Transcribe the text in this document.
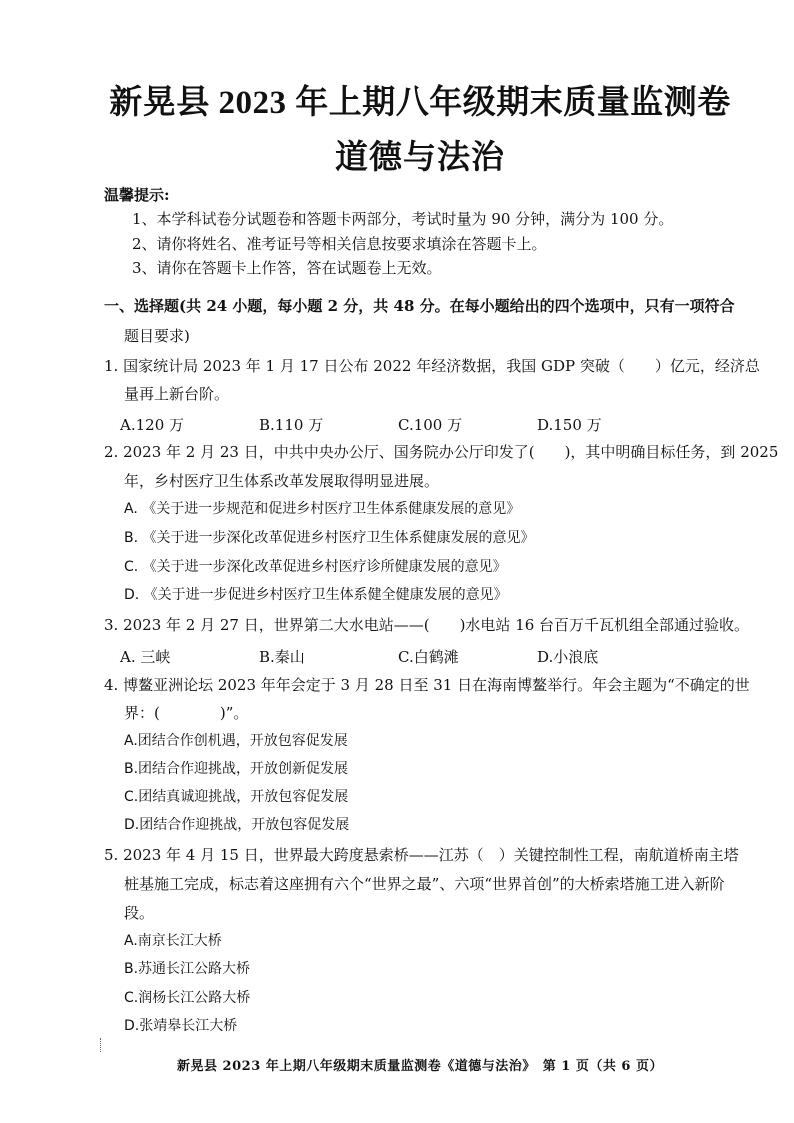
新晃县 2023 年上期八年级期末质量监测卷
道德与法治
温馨提示:
1、本学科试卷分试题卷和答题卡两部分，考试时量为 90 分钟，满分为 100 分。
2、请你将姓名、准考证号等相关信息按要求填涂在答题卡上。
3、请你在答题卡上作答，答在试题卷上无效。
一、选择题(共 24 小题，每小题 2 分，共 48 分。在每小题给出的四个选项中，只有一项符合
题目要求)
1. 国家统计局 2023 年 1 月 17 日公布 2022 年经济数据，我国 GDP 突破（　　）亿元，经济总
量再上新台阶。
A.120 万	B.110 万	C.100 万	D.150 万
2. 2023 年 2 月 23 日，中共中央办公厅、国务院办公厅印发了(　　)，其中明确目标任务，到 2025
年，乡村医疗卫生体系改革发展取得明显进展。
A. 《关于进一步规范和促进乡村医疗卫生体系健康发展的意见》
B. 《关于进一步深化改革促进乡村医疗卫生体系健康发展的意见》
C. 《关于进一步深化改革促进乡村医疗诊所健康发展的意见》
D. 《关于进一步促进乡村医疗卫生体系健全健康发展的意见》
3. 2023 年 2 月 27 日，世界第二大水电站——(　　)水电站 16 台百万千瓦机组全部通过验收。
A. 三峡	B.秦山	C.白鹤滩	D.小浪底
4. 博鳌亚洲论坛 2023 年年会定于 3 月 28 日至 31 日在海南博鳌举行。年会主题为“不确定的世
界：(　　　　)”。
A.团结合作创机遇，开放包容促发展
B.团结合作迎挑战，开放创新促发展
C.团结真诚迎挑战，开放包容促发展
D.团结合作迎挑战，开放包容促发展
5. 2023 年 4 月 15 日，世界最大跨度悬索桥——江苏（　）关键控制性工程，南航道桥南主塔
桩基施工完成，标志着这座拥有六个“世界之最”、六项“世界首创”的大桥索塔施工进入新阶
段。
A.南京长江大桥
B.苏通长江公路大桥
C.润杨长江公路大桥
D.张靖皋长江大桥
新晃县 2023 年上期八年级期末质量监测卷《道德与法治》　第 1 页（共 6 页）
